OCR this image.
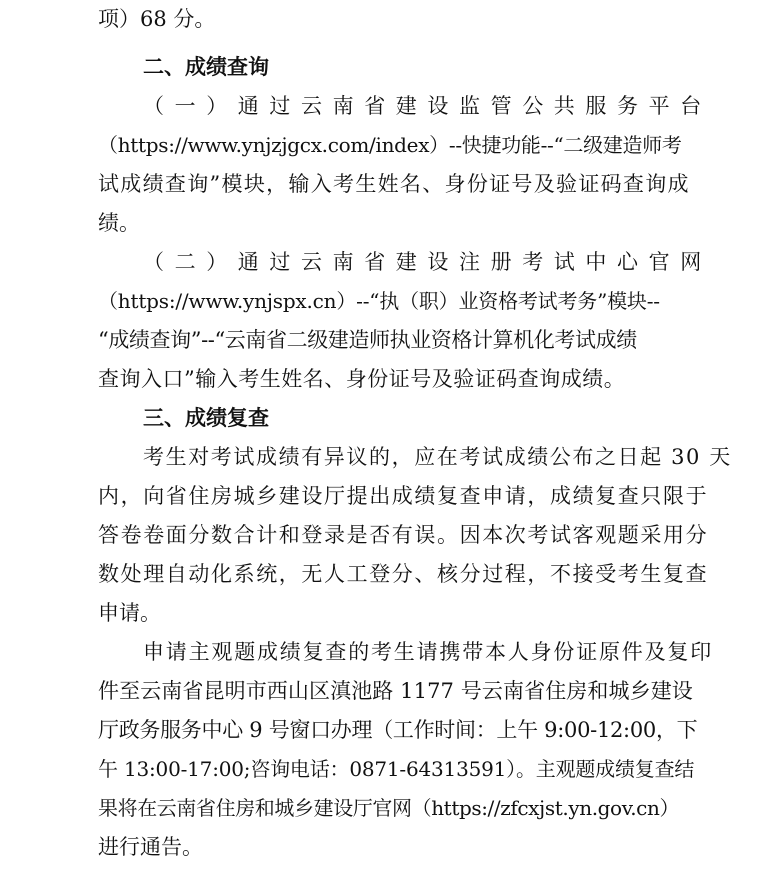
项）68 分。
二、成绩查询
（一）通过云南省建设监管公共服务平台
（https://www.ynjzjgcx.com/index）--快捷功能--“二级建造师考
试成绩查询”模块，输入考生姓名、身份证号及验证码查询成
绩。
（二）通过云南省建设注册考试中心官网
（https://www.ynjspx.cn）--“执（职）业资格考试考务”模块--
“成绩查询”--“云南省二级建造师执业资格计算机化考试成绩
查询入口”输入考生姓名、身份证号及验证码查询成绩。
三、成绩复查
考生对考试成绩有异议的，应在考试成绩公布之日起 30 天
内，向省住房城乡建设厅提出成绩复查申请，成绩复查只限于
答卷卷面分数合计和登录是否有误。因本次考试客观题采用分
数处理自动化系统，无人工登分、核分过程，不接受考生复查
申请。
申请主观题成绩复查的考生请携带本人身份证原件及复印
件至云南省昆明市西山区滇池路 1177 号云南省住房和城乡建设
厅政务服务中心 9 号窗口办理（工作时间：上午 9:00-12:00，下
午 13:00-17:00;咨询电话：0871-64313591）。主观题成绩复查结
果将在云南省住房和城乡建设厅官网（https://zfcxjst.yn.gov.cn）
进行通告。
